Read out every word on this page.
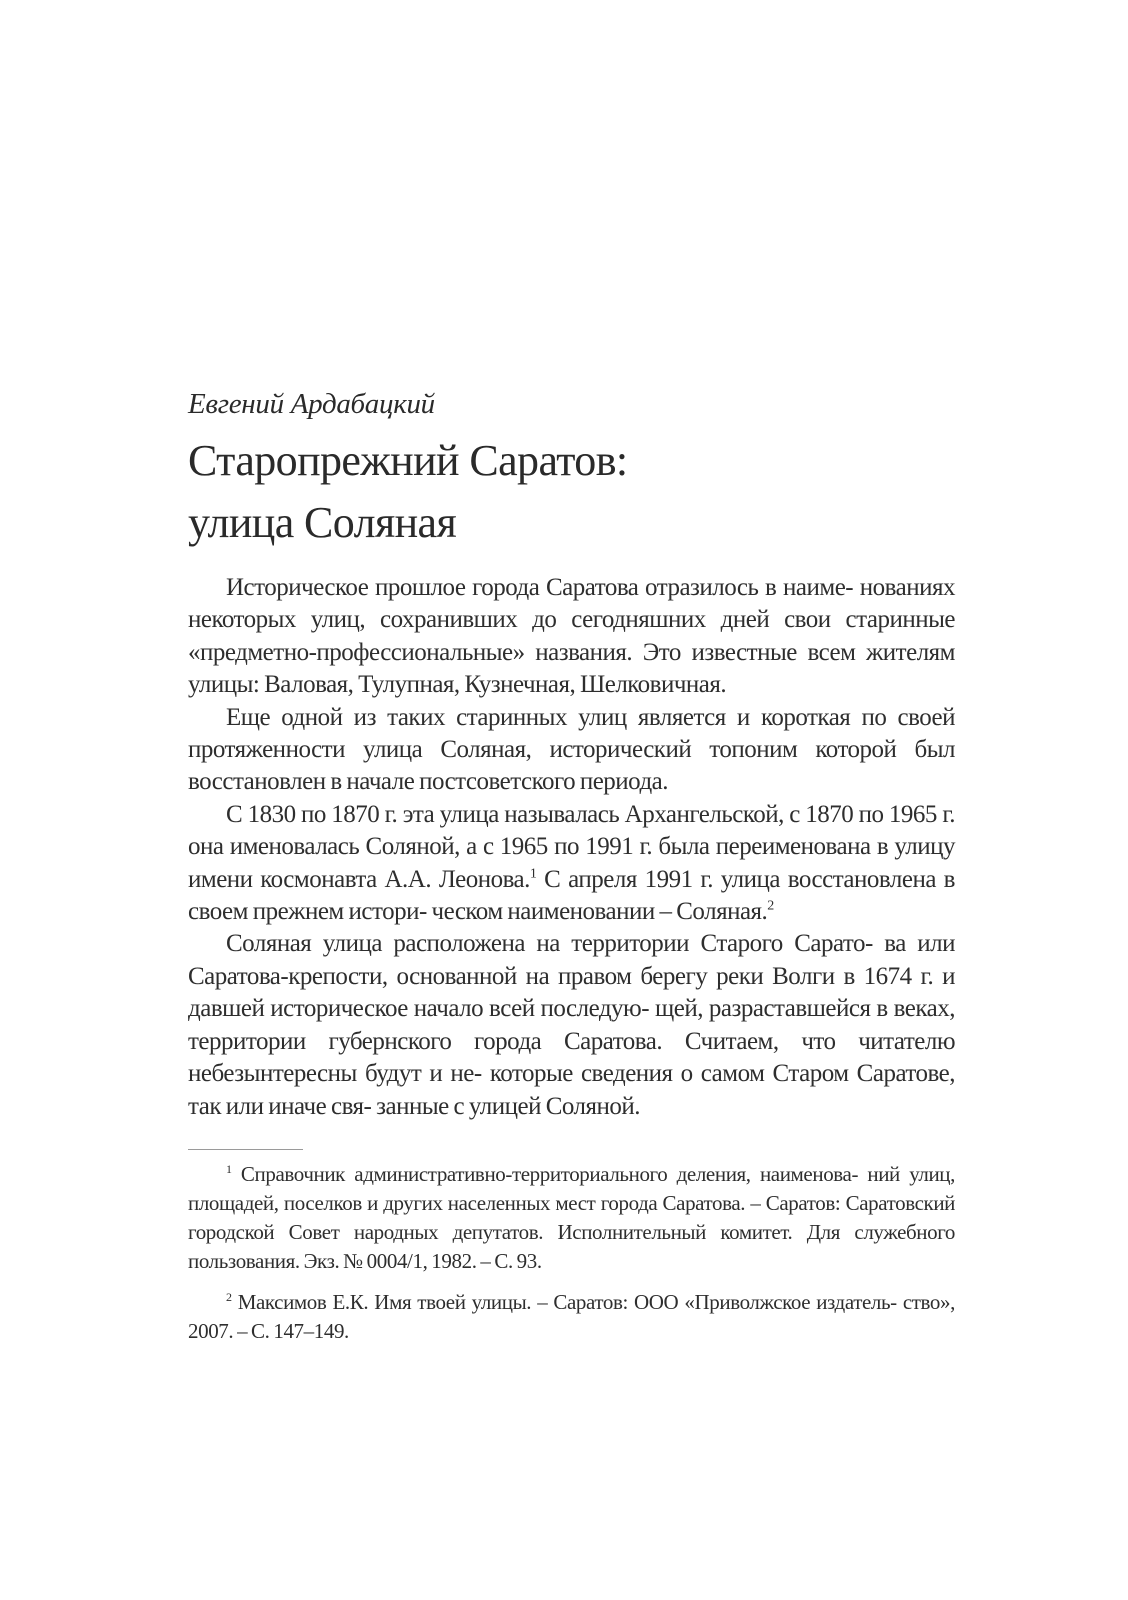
Евгений Ардабацкий
Старопрежний Саратов:
улица Соляная

Историческое прошлое города Саратова отразилось в наиме- нованиях некоторых улиц, сохранивших до сегодняшних дней свои старинные «предметно-профессиональные» названия. Это известные всем жителям улицы: Валовая, Тулупная, Кузнечная, Шелковичная.

Еще одной из таких старинных улиц является и короткая по своей протяженности улица Соляная, исторический топоним которой был восстановлен в начале постсоветского периода.

С 1830 по 1870 г. эта улица называлась Архангельской, с 1870 по 1965 г. она именовалась Соляной, а с 1965 по 1991 г. была переименована в улицу имени космонавта А.А. Леонова.$^1$ С апреля 1991 г. улица восстановлена в своем прежнем истори- ческом наименовании – Соляная.$^2$

Соляная улица расположена на территории Старого Сарато- ва или Саратова-крепости, основанной на правом берегу реки Волги в 1674 г. и давшей историческое начало всей последую- щей, разраставшейся в веках, территории губернского города Саратова. Считаем, что читателю небезынтересны будут и не- которые сведения о самом Старом Саратове, так или иначе свя- занные с улицей Соляной.

$^1$ Справочник административно-территориального деления, наименова- ний улиц, площадей, поселков и других населенных мест города Саратова. – Саратов: Саратовский городской Совет народных депутатов. Исполнительный комитет. Для служебного пользования. Экз. № 0004/1, 1982. – С. 93.

$^2$ Максимов Е.К. Имя твоей улицы. – Саратов: ООО «Приволжское издатель- ство», 2007. – С. 147–149.
